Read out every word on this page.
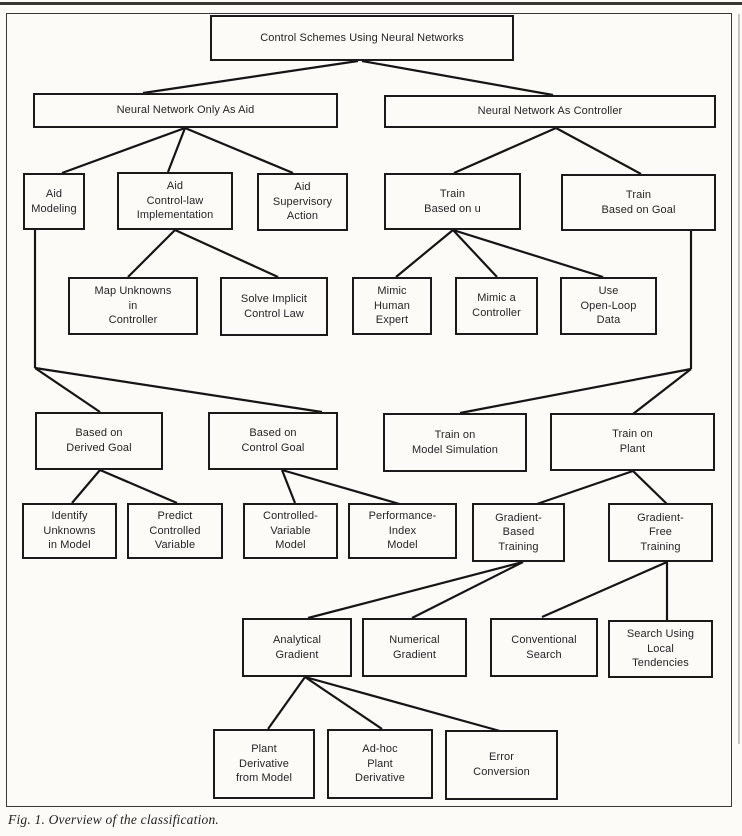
Control Schemes Using Neural Networks
Neural Network Only As Aid	Neural Network As Controller
Aid
Modeling
Aid
Control-law
Implementation
Aid
Supervisory
Action
Train
Based on u
Train
Based on Goal
Map Unknowns
in
Controller
Solve Implicit
Control Law
Mimic
Human
Expert
Mimic a
Controller
Use
Open-Loop
Data
Based on
Derived Goal
Based on
Control Goal
Train on
Model Simulation
Train on
Plant
Identify
Unknowns
in Model
Predict
Controlled
Variable
Controlled-
Variable
Model
Performance-
Index
Model
Gradient-
Based
Training
Gradient-
Free
Training
Analytical
Gradient
Numerical
Gradient
Conventional
Search
Search Using
Local
Tendencies
Plant
Derivative
from Model
Ad-hoc
Plant
Derivative
Error
Conversion
Fig. 1. Overview of the classification.
